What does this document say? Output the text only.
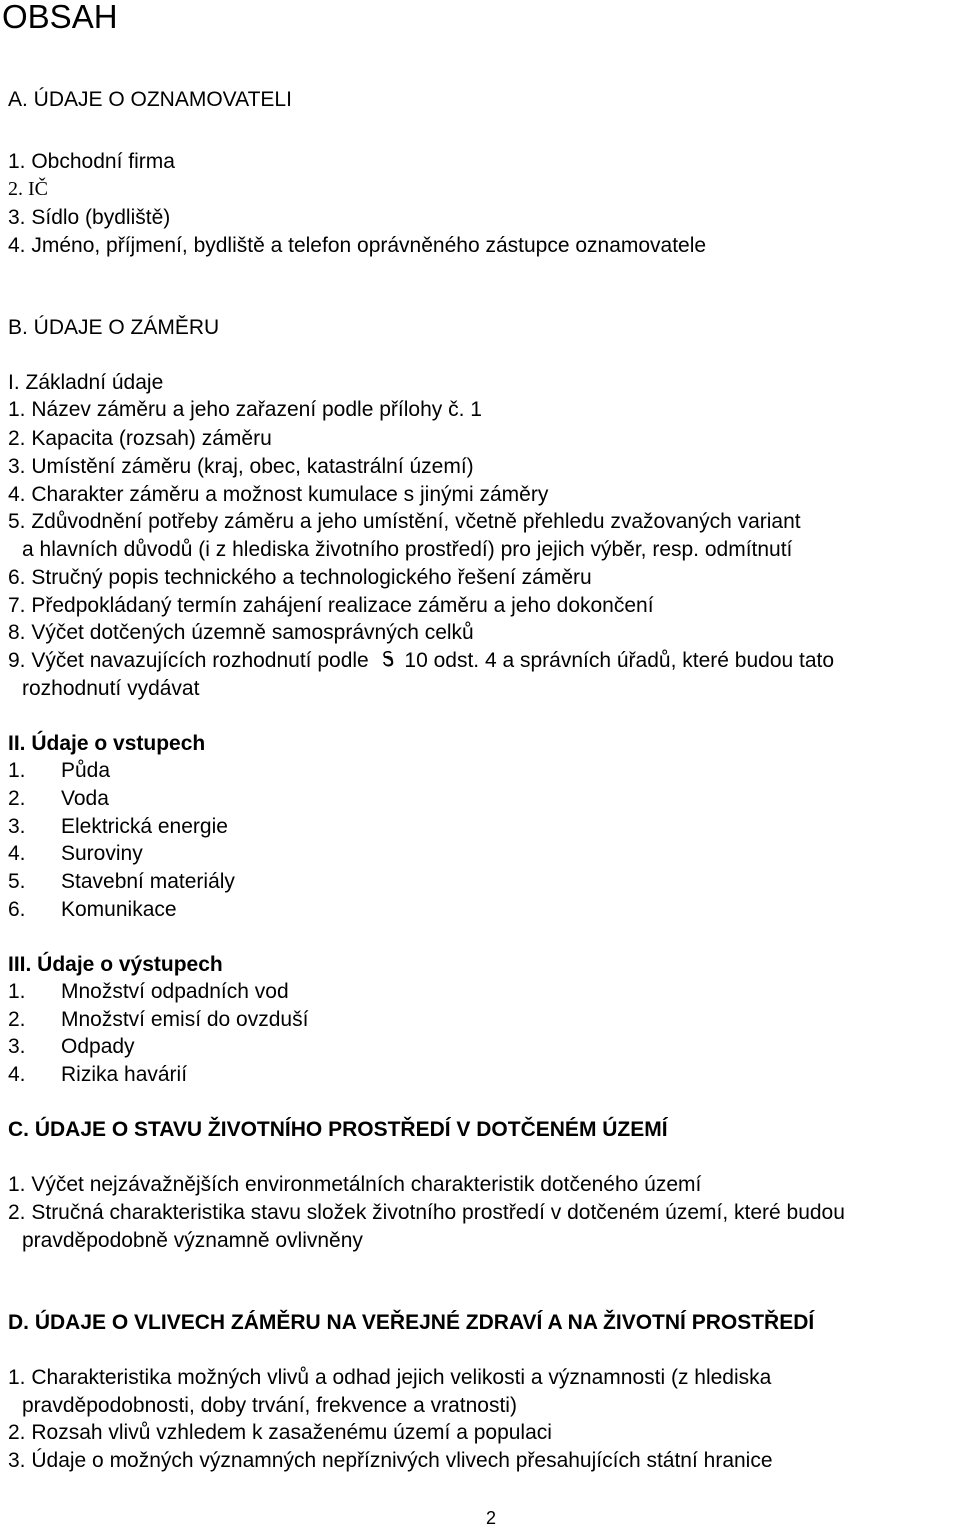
OBSAH
A. ÚDAJE O OZNAMOVATELI
1. Obchodní firma
2. IČ
3. Sídlo (bydliště)
4. Jméno, příjmení, bydliště a telefon oprávněného zástupce oznamovatele
B. ÚDAJE O ZÁMĚRU
I. Základní údaje
1. Název záměru a jeho zařazení podle přílohy č. 1
2. Kapacita (rozsah) záměru
3. Umístění záměru (kraj, obec, katastrální území)
4. Charakter záměru a možnost kumulace s jinými záměry
5. Zdůvodnění potřeby záměru a jeho umístění, včetně přehledu zvažovaných variant
a hlavních důvodů (i z hlediska životního prostředí) pro jejich výběr, resp. odmítnutí
6. Stručný popis technického a technologického řešení záměru
7. Předpokládaný termín zahájení realizace záměru a jeho dokončení
8. Výčet dotčených územně samosprávných celků
9. Výčet navazujících rozhodnutí podle 10 odst. 4 a správních úřadů, které budou tato
rozhodnutí vydávat
II. Údaje o vstupech
1. Půda
2. Voda
3. Elektrická energie
4. Suroviny
5. Stavební materiály
6. Komunikace
III. Údaje o výstupech
1. Množství odpadních vod
2. Množství emisí do ovzduší
3. Odpady
4. Rizika havárií
C. ÚDAJE O STAVU ŽIVOTNÍHO PROSTŘEDÍ V DOTČENÉM ÚZEMÍ
1. Výčet nejzávažnějších environmetálních charakteristik dotčeného území
2. Stručná charakteristika stavu složek životního prostředí v dotčeném území, které budou
pravděpodobně významně ovlivněny
D. ÚDAJE O VLIVECH ZÁMĚRU NA VEŘEJNÉ ZDRAVÍ A NA ŽIVOTNÍ PROSTŘEDÍ
1. Charakteristika možných vlivů a odhad jejich velikosti a významnosti (z hlediska
pravděpodobnosti, doby trvání, frekvence a vratnosti)
2. Rozsah vlivů vzhledem k zasaženému území a populaci
3. Údaje o možných významných nepříznivých vlivech přesahujících státní hranice
2
